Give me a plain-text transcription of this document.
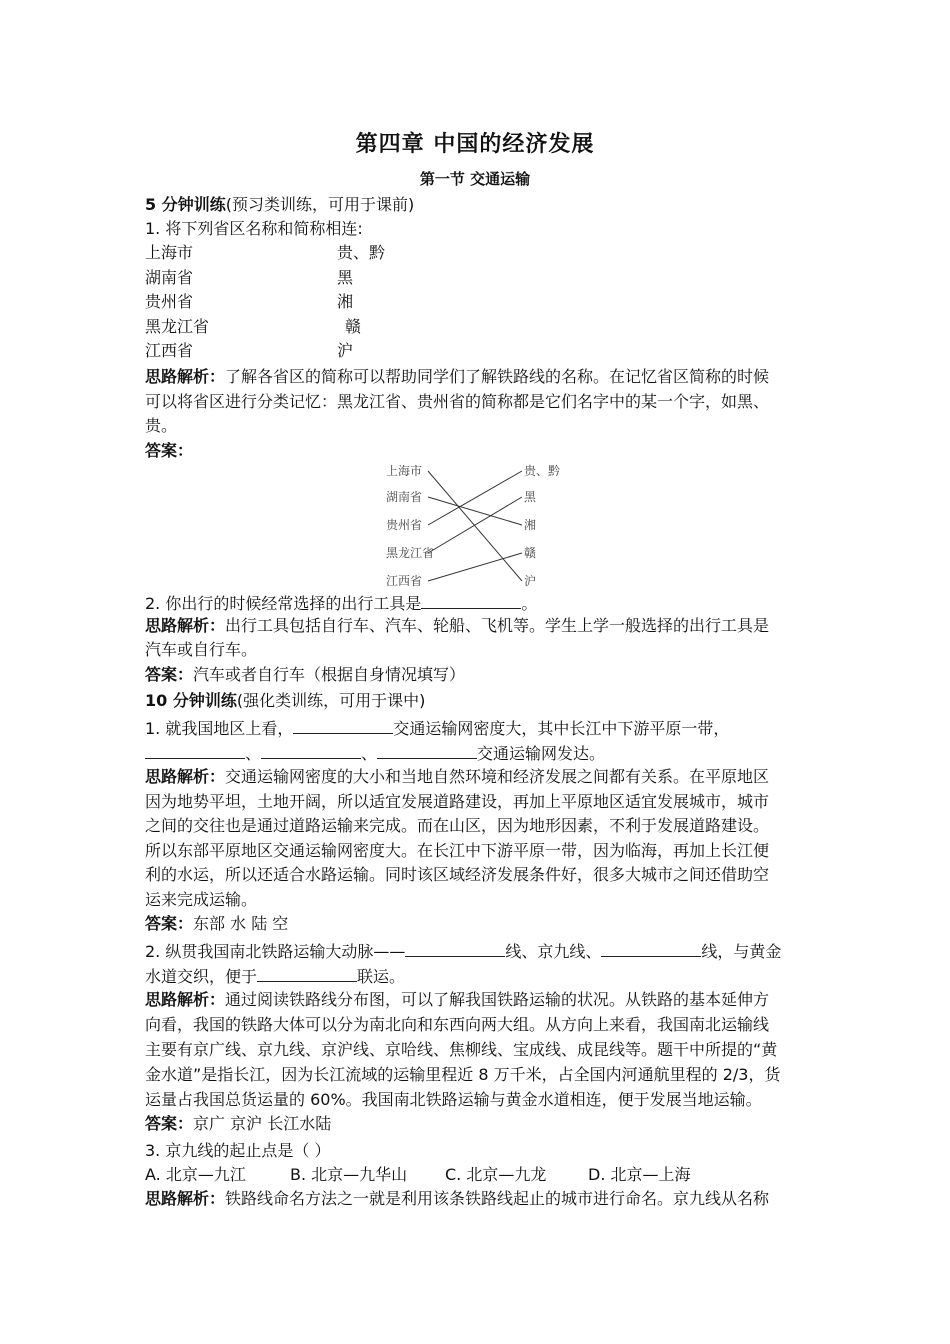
第四章 中国的经济发展
第一节 交通运输
5 分钟训练(预习类训练，可用于课前)
1. 将下列省区名称和简称相连:
上海市	贵、黔
湖南省	黑
贵州省	湘
黑龙江省	赣
江西省	沪
思路解析：了解各省区的简称可以帮助同学们了解铁路线的名称。在记忆省区简称的时候
可以将省区进行分类记忆：黑龙江省、贵州省的简称都是它们名字中的某一个字，如黑、
贵。
答案：
上海市
湖南省
贵州省
黑龙江省
江西省
贵、黔
黑
湘
赣
沪
2. 你出行的时候经常选择的出行工具是	。
思路解析：出行工具包括自行车、汽车、轮船、飞机等。学生上学一般选择的出行工具是
汽车或自行车。
答案：汽车或者自行车（根据自身情况填写）
10 分钟训练(强化类训练，可用于课中)
1. 就我国地区上看，	交通运输网密度大，其中长江中下游平原一带，
、	、	交通运输网发达。
思路解析：交通运输网密度的大小和当地自然环境和经济发展之间都有关系。在平原地区
因为地势平坦，土地开阔，所以适宜发展道路建设，再加上平原地区适宜发展城市，城市
之间的交往也是通过道路运输来完成。而在山区，因为地形因素，不利于发展道路建设。
所以东部平原地区交通运输网密度大。在长江中下游平原一带，因为临海，再加上长江便
利的水运，所以还适合水路运输。同时该区域经济发展条件好，很多大城市之间还借助空
运来完成运输。
答案：东部 水 陆 空
2. 纵贯我国南北铁路运输大动脉——	线、京九线、	线，与黄金
水道交织，便于	联运。
思路解析：通过阅读铁路线分布图，可以了解我国铁路运输的状况。从铁路的基本延伸方
向看，我国的铁路大体可以分为南北向和东西向两大组。从方向上来看，我国南北运输线
主要有京广线、京九线、京沪线、京哈线、焦柳线、宝成线、成昆线等。题干中所提的“黄
金水道”是指长江，因为长江流域的运输里程近 8 万千米，占全国内河通航里程的 2/3，货
运量占我国总货运量的 60%。我国南北铁路运输与黄金水道相连，便于发展当地运输。
答案：京广 京沪 长江水陆
3. 京九线的起止点是（ ）
A. 北京—九江	B. 北京—九华山 C. 北京—九龙	D. 北京—上海
思路解析：铁路线命名方法之一就是利用该条铁路线起止的城市进行命名。京九线从名称
